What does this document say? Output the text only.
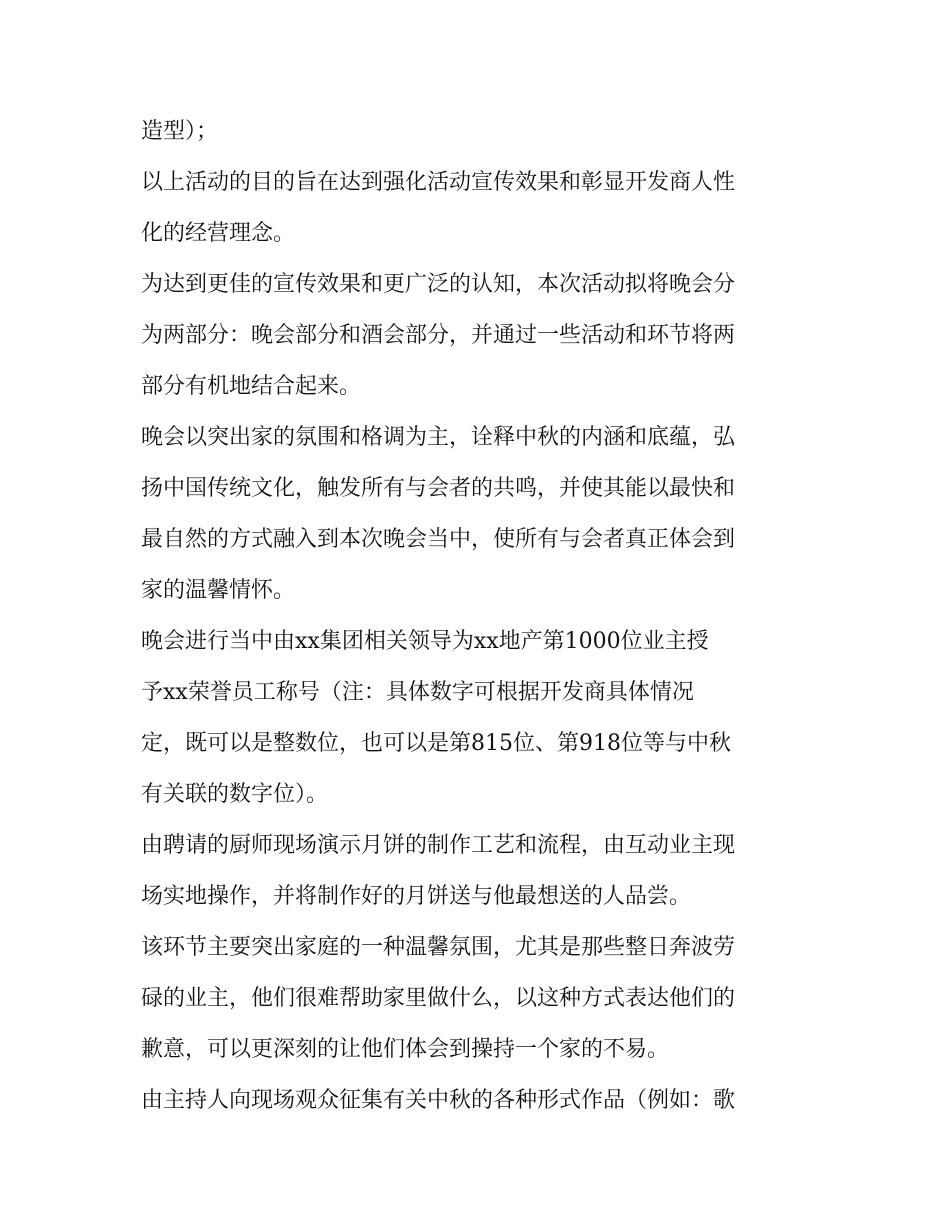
造型）；
以上活动的目的旨在达到强化活动宣传效果和彰显开发商人性
化的经营理念。
为达到更佳的宣传效果和更广泛的认知，本次活动拟将晚会分
为两部分：晚会部分和酒会部分，并通过一些活动和环节将两
部分有机地结合起来。
晚会以突出家的氛围和格调为主，诠释中秋的内涵和底蕴，弘
扬中国传统文化，触发所有与会者的共鸣，并使其能以最快和
最自然的方式融入到本次晚会当中，使所有与会者真正体会到
家的温馨情怀。
晚会进行当中由xx集团相关领导为xx地产第1000位业主授
予xx荣誉员工称号（注：具体数字可根据开发商具体情况
定，既可以是整数位，也可以是第815位、第918位等与中秋
有关联的数字位）。
由聘请的厨师现场演示月饼的制作工艺和流程，由互动业主现
场实地操作，并将制作好的月饼送与他最想送的人品尝。
该环节主要突出家庭的一种温馨氛围，尤其是那些整日奔波劳
碌的业主，他们很难帮助家里做什么，以这种方式表达他们的
歉意，可以更深刻的让他们体会到操持一个家的不易。
由主持人向现场观众征集有关中秋的各种形式作品（例如：歌
